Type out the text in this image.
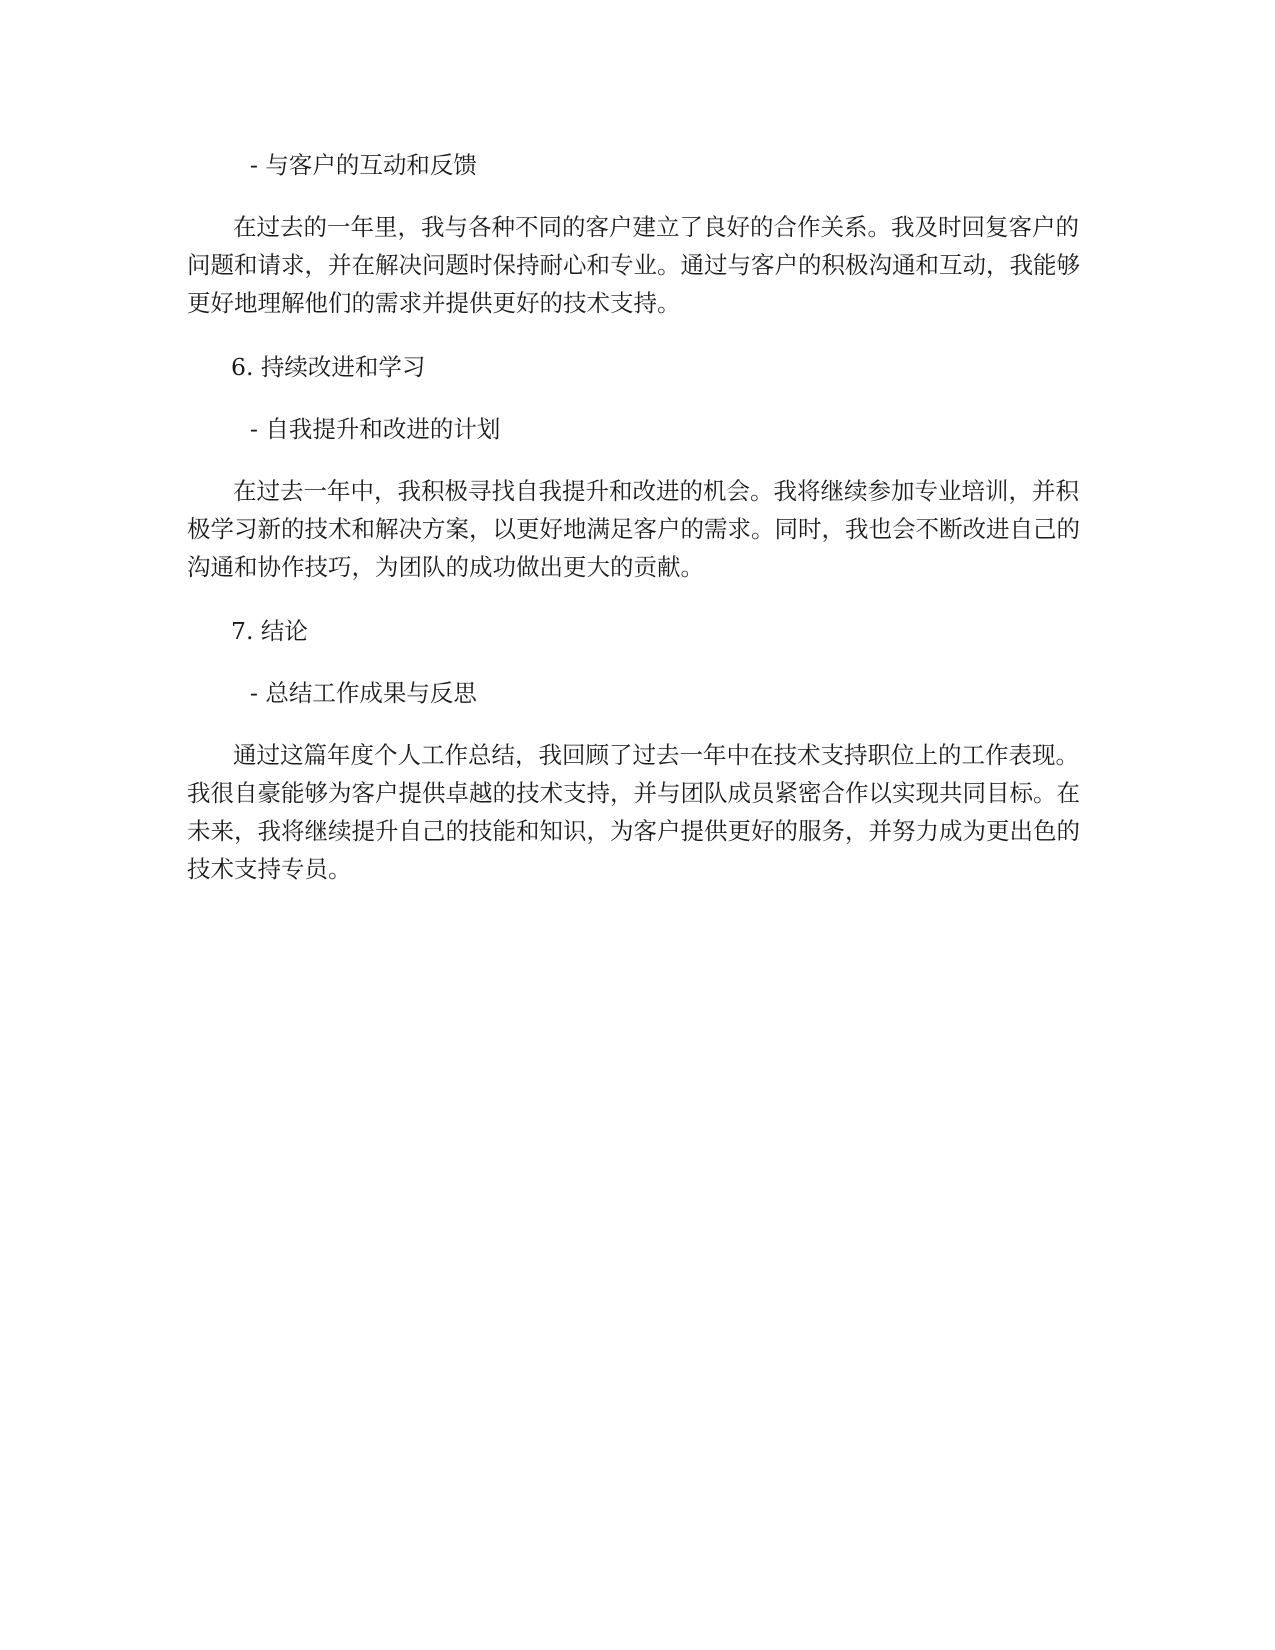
- 与客户的互动和反馈

在过去的一年里，我与各种不同的客户建立了良好的合作关系。我及时回复客户的问题和请求，并在解决问题时保持耐心和专业。通过与客户的积极沟通和互动，我能够更好地理解他们的需求并提供更好的技术支持。

6. 持续改进和学习

- 自我提升和改进的计划

在过去一年中，我积极寻找自我提升和改进的机会。我将继续参加专业培训，并积极学习新的技术和解决方案，以更好地满足客户的需求。同时，我也会不断改进自己的沟通和协作技巧，为团队的成功做出更大的贡献。

7. 结论

- 总结工作成果与反思

通过这篇年度个人工作总结，我回顾了过去一年中在技术支持职位上的工作表现。我很自豪能够为客户提供卓越的技术支持，并与团队成员紧密合作以实现共同目标。在未来，我将继续提升自己的技能和知识，为客户提供更好的服务，并努力成为更出色的技术支持专员。
